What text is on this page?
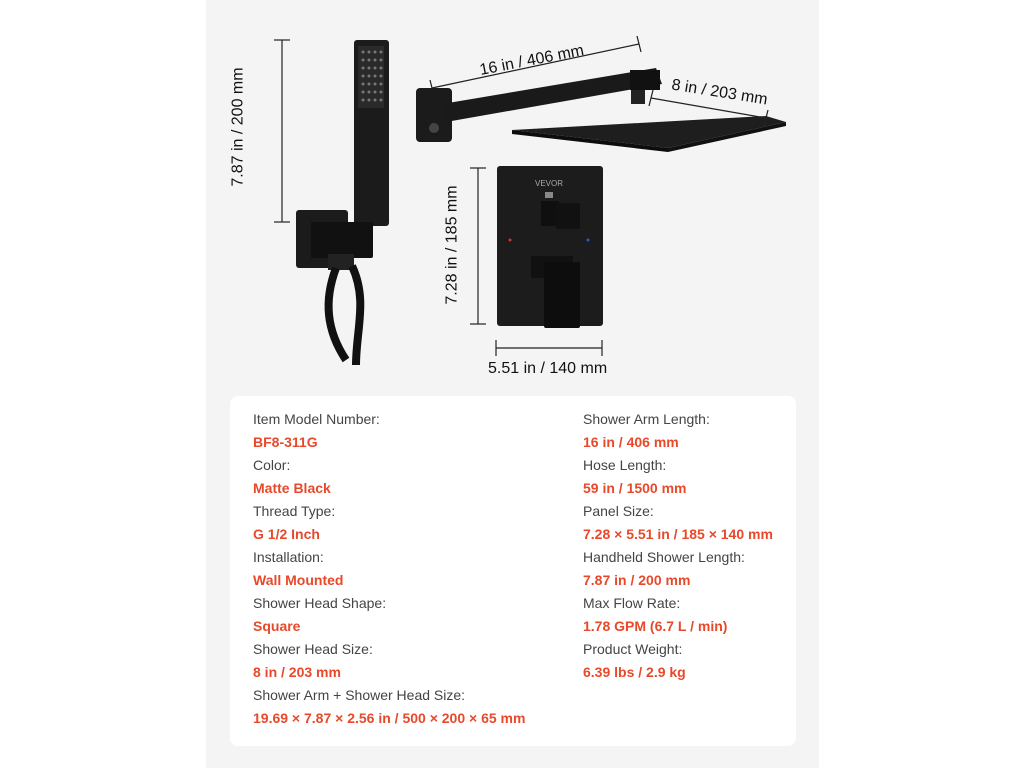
VEVOR
7.87 in / 200 mm
16 in / 406 mm
8 in / 203 mm
7.28 in / 185 mm
5.51 in / 140 mm
Item Model Number:
BF8-311G
Color:
Matte Black
Thread Type:
G 1/2 Inch
Installation:
Wall Mounted
Shower Head Shape:
Square
Shower Head Size:
8 in / 203 mm
Shower Arm + Shower Head Size:
19.69 × 7.87 × 2.56 in / 500 × 200 × 65 mm
Shower Arm Length:
16 in / 406 mm
Hose Length:
59 in / 1500 mm
Panel Size:
7.28 × 5.51 in / 185 × 140 mm
Handheld Shower Length:
7.87 in / 200 mm
Max Flow Rate:
1.78 GPM (6.7 L / min)
Product Weight:
6.39 lbs / 2.9 kg
